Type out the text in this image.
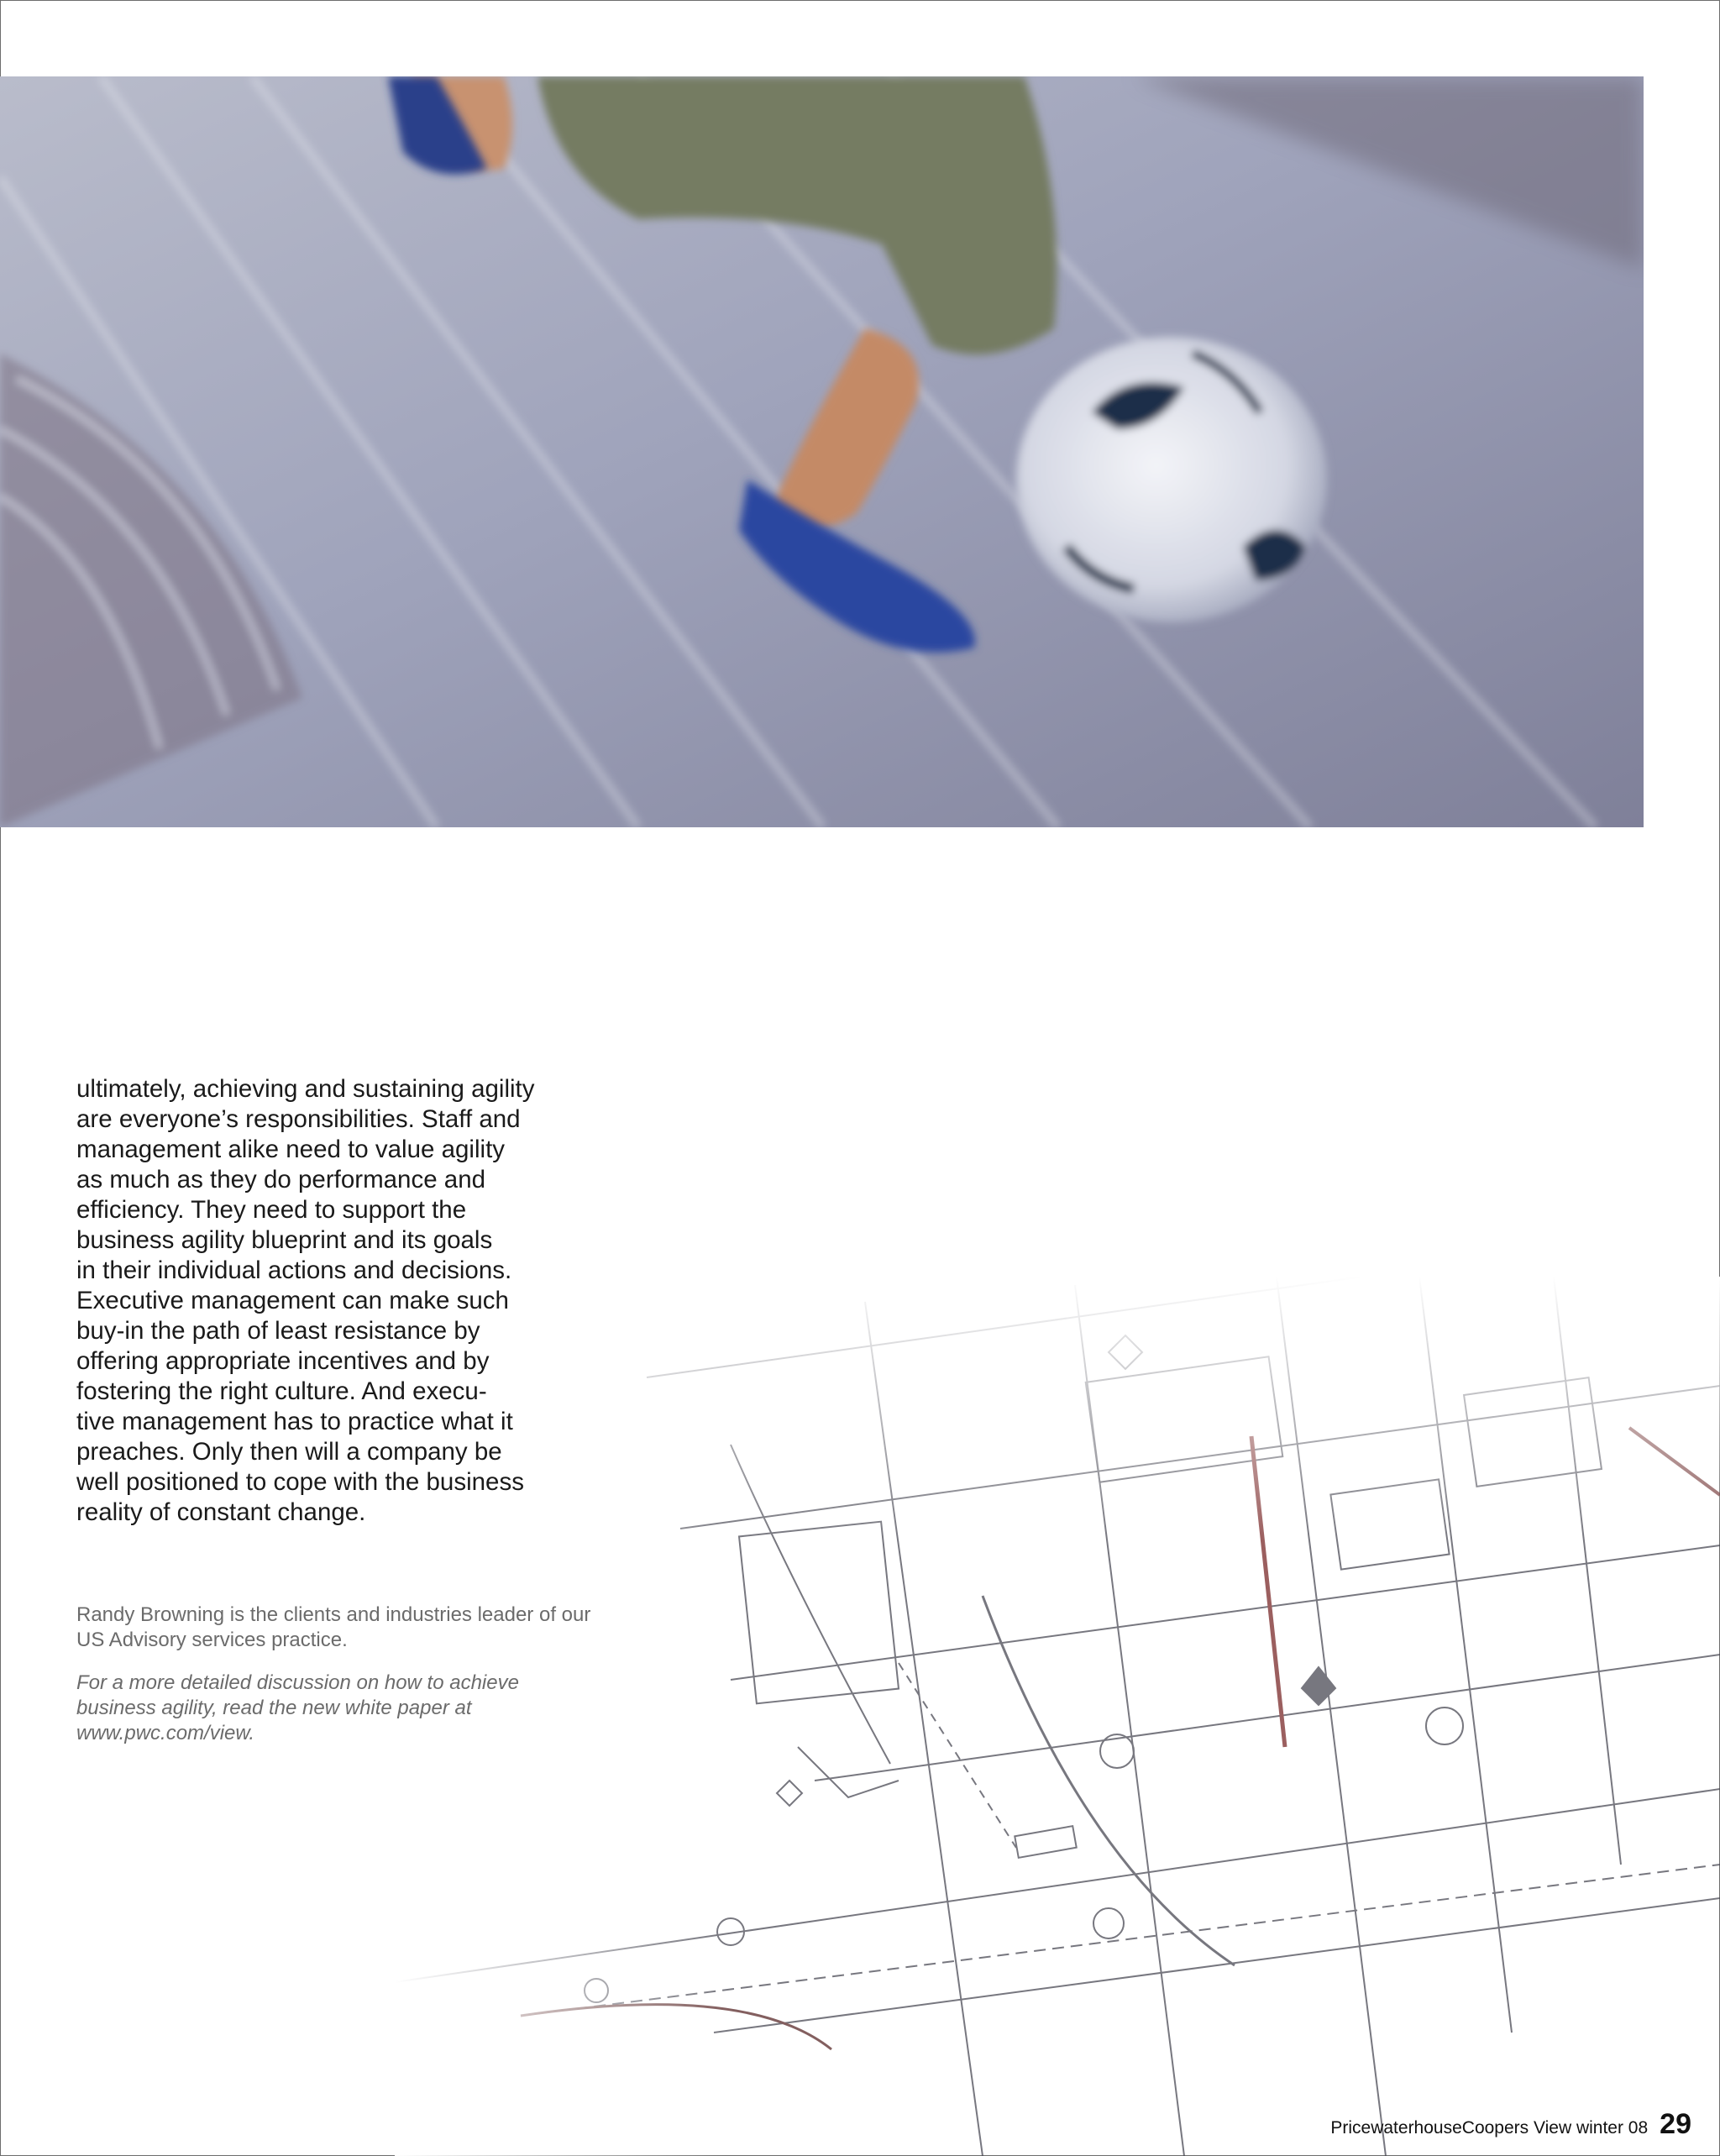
ultimately, achieving and sustaining agility
are everyone’s responsibilities. Staff and
management alike need to value agility
as much as they do performance and
efficiency. They need to support the
business agility blueprint and its goals
in their individual actions and decisions.
Executive management can make such
buy-in the path of least resistance by
offering appropriate incentives and by
fostering the right culture. And execu-
tive management has to practice what it
preaches. Only then will a company be
well positioned to cope with the business
reality of constant change.
Randy Browning is the clients and industries leader of our US Advisory services practice.
For a more detailed discussion on how to achieve business agility, read the new white paper at www.pwc.com/view.
PricewaterhouseCoopers View winter 08 29
